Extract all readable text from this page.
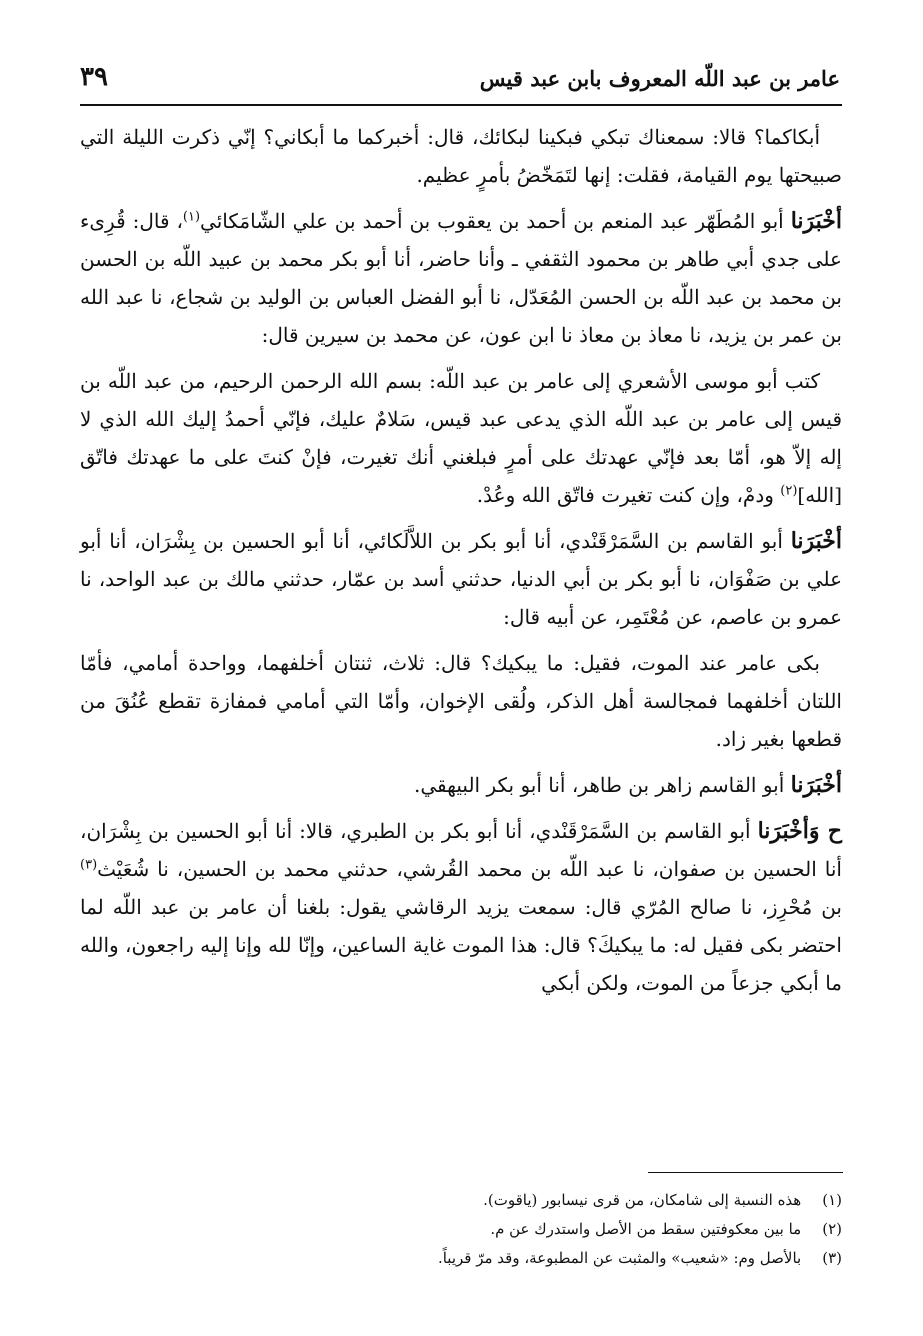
عامر بن عبد اللّه المعروف بابن عبد قيس
٣٩

أبكاكما؟ قالا: سمعناك تبكي فبكينا لبكائك، قال: أخبركما ما أبكاني؟ إنّي ذكرت الليلة التي صبيحتها يوم القيامة، فقلت: إنها لتَمَخّضُ بأمرٍ عظيم.

أخْبَرَنا أبو المُطَهّر عبد المنعم بن أحمد بن يعقوب بن أحمد بن علي الشّامَكائي$^{(١)}$، قال: قُرِىء على جدي أبي طاهر بن محمود الثقفي ـ وأنا حاضر، أنا أبو بكر محمد بن عبيد اللّه بن الحسن بن محمد بن عبد اللّه بن الحسن المُعَدّل، نا أبو الفضل العباس بن الوليد بن شجاع، نا عبد الله بن عمر بن يزيد، نا معاذ بن معاذ نا ابن عون، عن محمد بن سيرين قال:

كتب أبو موسى الأشعري إلى عامر بن عبد اللّه: بسم الله الرحمن الرحيم، من عبد اللّه بن قيس إلى عامر بن عبد اللّه الذي يدعى عبد قيس، سَلامٌ عليك، فإنّي أحمدُ إليك الله الذي لا إله إلاّ هو، أمّا بعد فإنّي عهدتك على أمرٍ فبلغني أنك تغيرت، فإنْ كنتَ على ما عهدتك فاتّق [الله]$^{(٢)}$ ودمْ، وإن كنت تغيرت فاتّق الله وعُدْ.

أخْبَرَنا أبو القاسم بن السَّمَرْقَنْدي، أنا أبو بكر بن اللاَّلَكائي، أنا أبو الحسين بن بِشْرَان، أنا أبو علي بن صَفْوَان، نا أبو بكر بن أبي الدنيا، حدثني أسد بن عمّار، حدثني مالك بن عبد الواحد، نا عمرو بن عاصم، عن مُعْتَمِر، عن أبيه قال:

بكى عامر عند الموت، فقيل: ما يبكيك؟ قال: ثلاث، ثنتان أخلفهما، وواحدة أمامي، فأمّا اللتان أخلفهما فمجالسة أهل الذكر، ولُقى الإخوان، وأمّا التي أمامي فمفازة تقطع عُنُقَ من قطعها بغير زاد.

أخْبَرَنا أبو القاسم زاهر بن طاهر، أنا أبو بكر البيهقي.

ح وَأخْبَرَنا أبو القاسم بن السَّمَرْقَنْدي، أنا أبو بكر بن الطبري، قالا: أنا أبو الحسين بن بِشْرَان، أنا الحسين بن صفوان، نا عبد اللّه بن محمد القُرشي، حدثني محمد بن الحسين، نا شُعَيْث$^{(٣)}$ بن مُحْرِز، نا صالح المُرّي قال: سمعت يزيد الرقاشي يقول: بلغنا أن عامر بن عبد اللّه لما احتضر بكى فقيل له: ما يبكيكَ؟ قال: هذا الموت غاية الساعين، وإنّا لله وإنا إليه راجعون، والله ما أبكي جزعاً من الموت، ولكن أبكي

(١) هذه النسبة إلى شامكان، من قرى نيسابور (ياقوت).
(٢) ما بين معكوفتين سقط من الأصل واستدرك عن م.
(٣) بالأصل وم: «شعيب» والمثبت عن المطبوعة، وقد مرّ قريباً.
